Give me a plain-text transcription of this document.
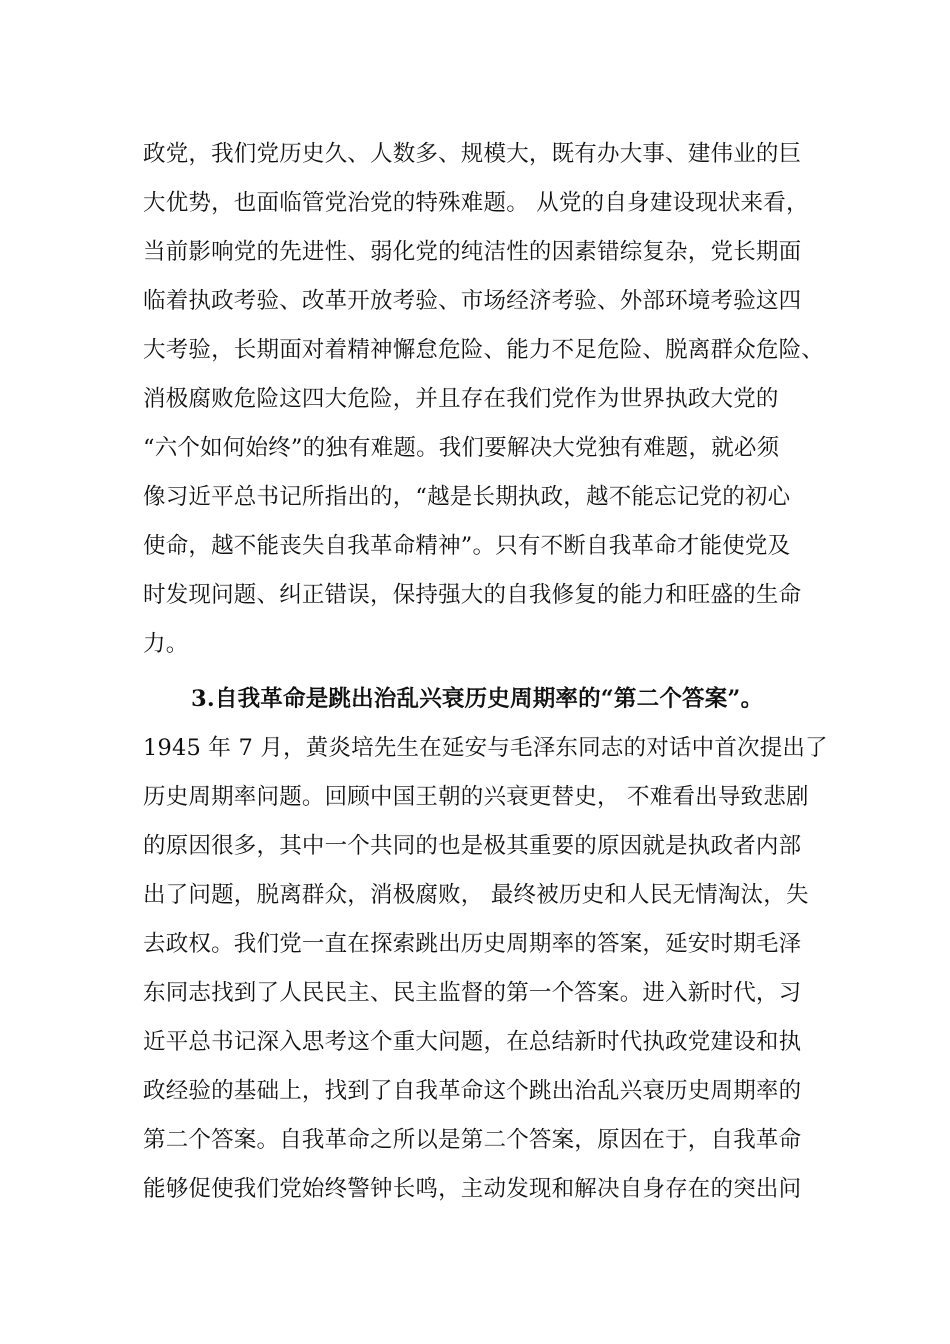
政党，我们党历史久、人数多、规模大，既有办大事、建伟业的巨
大优势，也面临管党治党的特殊难题。 从党的自身建设现状来看，
当前影响党的先进性、弱化党的纯洁性的因素错综复杂，党长期面
临着执政考验、改革开放考验、市场经济考验、外部环境考验这四
大考验，长期面对着精神懈怠危险、能力不足危险、脱离群众危险、
消极腐败危险这四大危险，并且存在我们党作为世界执政大党的
“六个如何始终”的独有难题。我们要解决大党独有难题，就必须
像习近平总书记所指出的，“越是长期执政，越不能忘记党的初心
使命，越不能丧失自我革命精神”。只有不断自我革命才能使党及
时发现问题、纠正错误，保持强大的自我修复的能力和旺盛的生命
力。
3.自我革命是跳出治乱兴衰历史周期率的“第二个答案”。
1945 年 7 月，黄炎培先生在延安与毛泽东同志的对话中首次提出了
历史周期率问题。回顾中国王朝的兴衰更替史， 不难看出导致悲剧
的原因很多，其中一个共同的也是极其重要的原因就是执政者内部
出了问题，脱离群众，消极腐败， 最终被历史和人民无情淘汰，失
去政权。我们党一直在探索跳出历史周期率的答案，延安时期毛泽
东同志找到了人民民主、民主监督的第一个答案。进入新时代，习
近平总书记深入思考这个重大问题，在总结新时代执政党建设和执
政经验的基础上，找到了自我革命这个跳出治乱兴衰历史周期率的
第二个答案。自我革命之所以是第二个答案，原因在于，自我革命
能够促使我们党始终警钟长鸣，主动发现和解决自身存在的突出问
